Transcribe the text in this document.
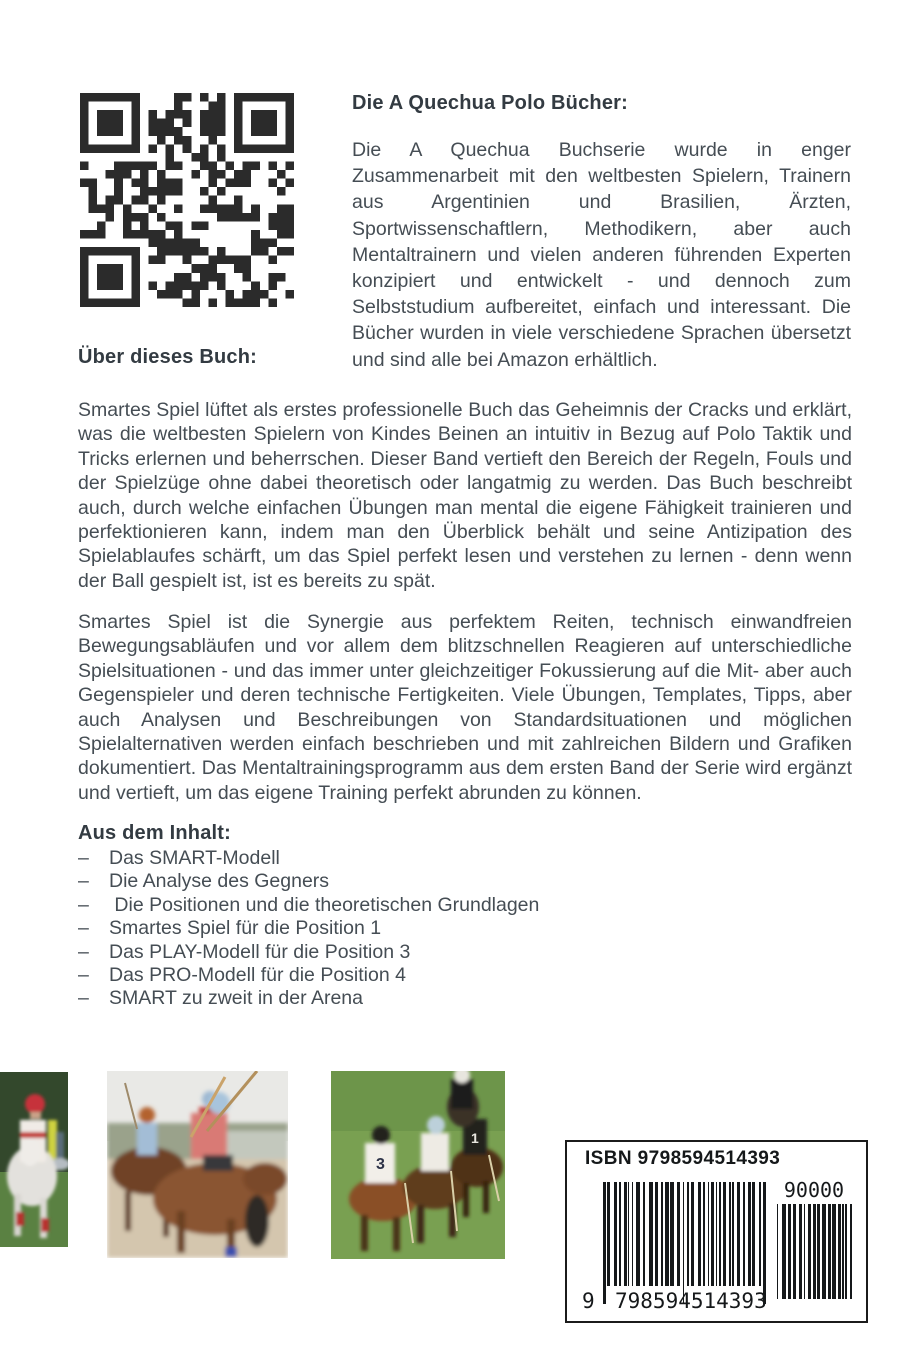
Die A Quechua Polo Bücher:
Die A Quechua Buchserie wurde in enger Zusammenarbeit mit den weltbesten Spielern, Trainern aus Argentinien und Brasilien, Ärzten, Sportwissenschaftlern, Methodikern, aber auch Mentaltrainern und vielen anderen führenden Experten konzipiert und entwickelt - und dennoch zum Selbststudium aufbereitet, einfach und interessant. Die Bücher wurden in viele verschiedene Sprachen übersetzt und sind alle bei Amazon erhältlich.
Über dieses Buch:
Smartes Spiel lüftet als erstes professionelle Buch das Geheimnis der Cracks und erklärt, was die weltbesten Spielern von Kindes Beinen an intuitiv in Bezug auf Polo Taktik und Tricks erlernen und beherrschen. Dieser Band vertieft den Bereich der Regeln, Fouls und der Spielzüge ohne dabei theoretisch oder langatmig zu werden. Das Buch beschreibt auch, durch welche einfachen Übungen man mental die eigene Fähigkeit trainieren und perfektionieren kann, indem man den Überblick behält und seine Antizipation des Spielablaufes schärft, um das Spiel perfekt lesen und verstehen zu lernen - denn wenn der Ball gespielt ist, ist es bereits zu spät.
Smartes Spiel ist die Synergie aus perfektem Reiten, technisch einwandfreien Bewegungsabläufen und vor allem dem blitzschnellen Reagieren auf unterschiedliche Spielsituationen - und das immer unter gleichzeitiger Fokussierung auf die Mit- aber auch Gegenspieler und deren technische Fertigkeiten. Viele Übungen, Templates, Tipps, aber auch Analysen und Beschreibungen von Standardsituationen und möglichen Spielalternativen werden einfach beschrieben und mit zahlreichen Bildern und Grafiken dokumentiert. Das Mentaltrainingsprogramm aus dem ersten Band der Serie wird ergänzt und vertieft, um das eigene Training perfekt abrunden zu können.
Aus dem Inhalt:
–	Das SMART-Modell
–	Die Analyse des Gegners
–	Die Positionen und die theoretischen Grundlagen
–	Smartes Spiel für die Position 1
–	Das PLAY-Modell für die Position 3
–	Das PRO-Modell für die Position 4
–	SMART zu zweit in der Arena
3
1
ISBN 9798594514393
9 798594 514393
90000
